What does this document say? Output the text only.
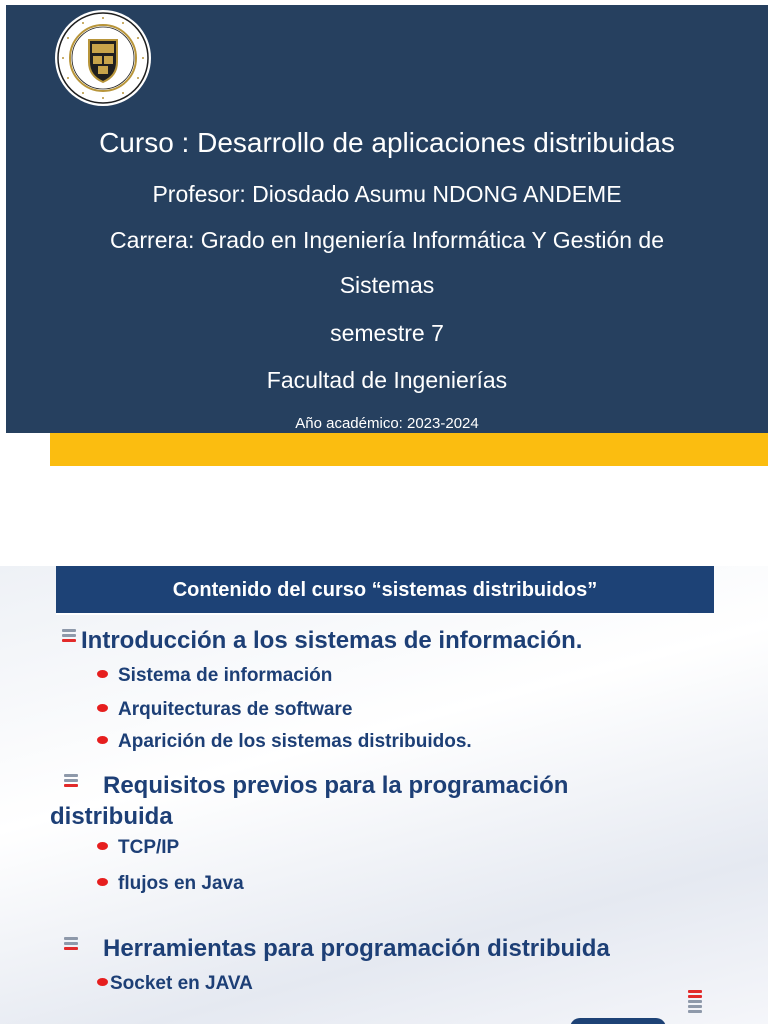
Curso : Desarrollo de aplicaciones distribuidas
Profesor: Diosdado Asumu NDONG ANDEME
Carrera: Grado en Ingeniería Informática Y Gestión de
Sistemas
semestre 7
Facultad de Ingenierías
Año académico: 2023-2024
Contenido del curso “sistemas distribuidos”
Introducción a los sistemas de información.
Sistema de información
Arquitecturas de software
Aparición de los sistemas distribuidos.
Requisitos previos para la programación
distribuida
TCP/IP
flujos en Java
Herramientas para programación distribuida
Socket en JAVA
